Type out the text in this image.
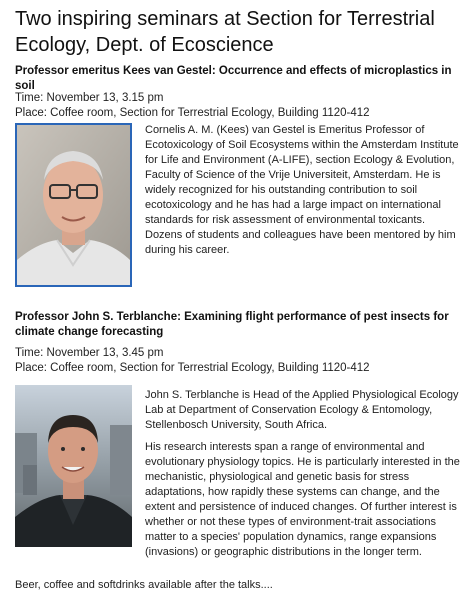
Two inspiring seminars at Section for Terrestrial Ecology, Dept. of Ecoscience
Professor emeritus Kees van Gestel: Occurrence and effects of microplastics in soil
Time: November 13, 3.15 pm
Place: Coffee room, Section for Terrestrial Ecology, Building 1120-412

Cornelis A. M. (Kees) van Gestel is Emeritus Professor of Ecotoxicology of Soil Ecosystems within the Amsterdam Institute for Life and Environment (A-LIFE), section Ecology & Evolution, Faculty of Science of the Vrije Universiteit, Amsterdam. He is widely recognized for his outstanding contribution to soil ecotoxicology and he has had a large impact on international standards for risk assessment of environmental toxicants. Dozens of students and colleagues have been mentored by him during his career.

Professor John S. Terblanche: Examining flight performance of pest insects for climate change forecasting
Time: November 13, 3.45 pm
Place: Coffee room, Section for Terrestrial Ecology, Building 1120-412

John S. Terblanche is Head of the Applied Physiological Ecology Lab at Department of Conservation Ecology & Entomology, Stellenbosch University, South Africa.

His research interests span a range of environmental and evolutionary physiology topics. He is particularly interested in the mechanistic, physiological and genetic basis for stress adaptations, how rapidly these systems can change, and the extent and persistence of induced changes. Of further interest is whether or not these types of environment-trait associations matter to a species' population dynamics, range expansions (invasions) or geographic distributions in the longer term.

Beer, coffee and softdrinks available after the talks....
